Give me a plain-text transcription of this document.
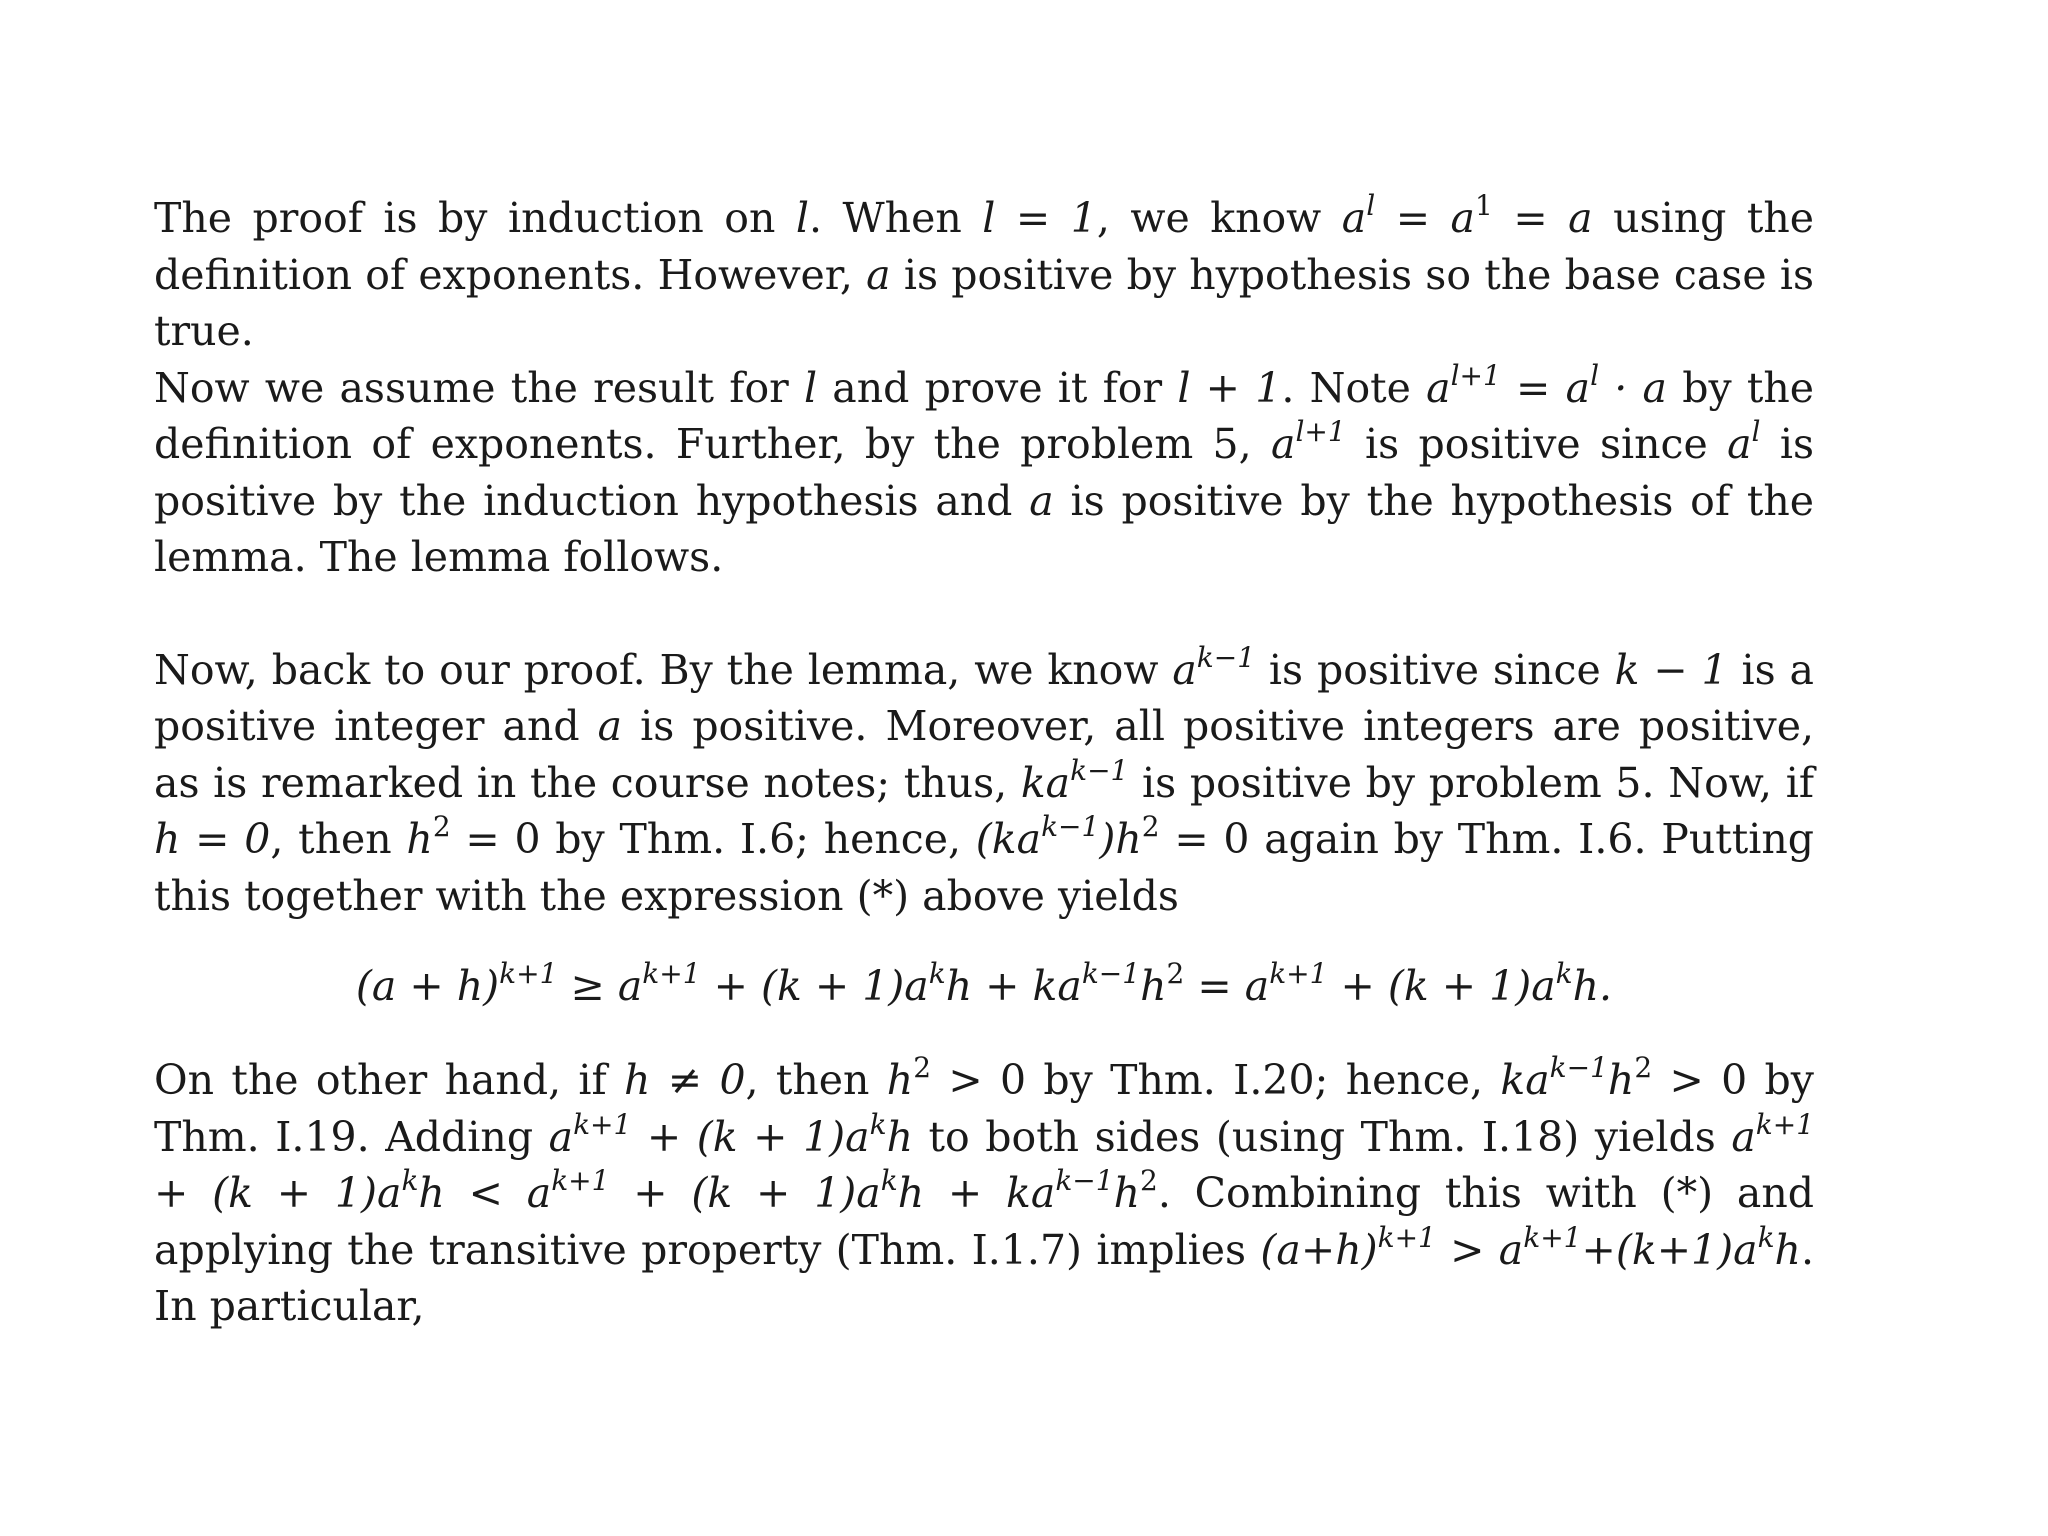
The proof is by induction on l. When l = 1, we know $a^l = a^1 = a$ using the definition of exponents. However, a is positive by hypothesis so the base case is true.

Now we assume the result for l and prove it for l + 1. Note $a^{l+1} = a^l \cdot a$ by the definition of exponents. Further, by the problem 5, $a^{l+1}$ is positive since $a^l$ is positive by the induction hypothesis and a is positive by the hypothesis of the lemma. The lemma follows.

Now, back to our proof. By the lemma, we know $a^{k-1}$ is positive since k − 1 is a positive integer and a is positive. Moreover, all positive integers are positive, as is remarked in the course notes; thus, $ka^{k-1}$ is positive by problem 5. Now, if h = 0, then $h^2 = 0$ by Thm. I.6; hence, $(ka^{k-1})h^2 = 0$ again by Thm. I.6. Putting this together with the expression (*) above yields

$(a + h)^{k+1} \ge a^{k+1} + (k + 1)a^kh + ka^{k-1}h^2 = a^{k+1} + (k + 1)a^kh$.

On the other hand, if h ≠ 0, then $h^2 > 0$ by Thm. I.20; hence, $ka^{k-1}h^2 > 0$ by Thm. I.19. Adding $a^{k+1} + (k + 1)a^kh$ to both sides (using Thm. I.18) yields $a^{k+1} + (k + 1)a^kh < a^{k+1} + (k + 1)a^kh + ka^{k-1}h^2$. Combining this with (*) and applying the transitive property (Thm. I.1.7) implies $(a+h)^{k+1} > a^{k+1}+(k+1)a^kh$. In particular,
